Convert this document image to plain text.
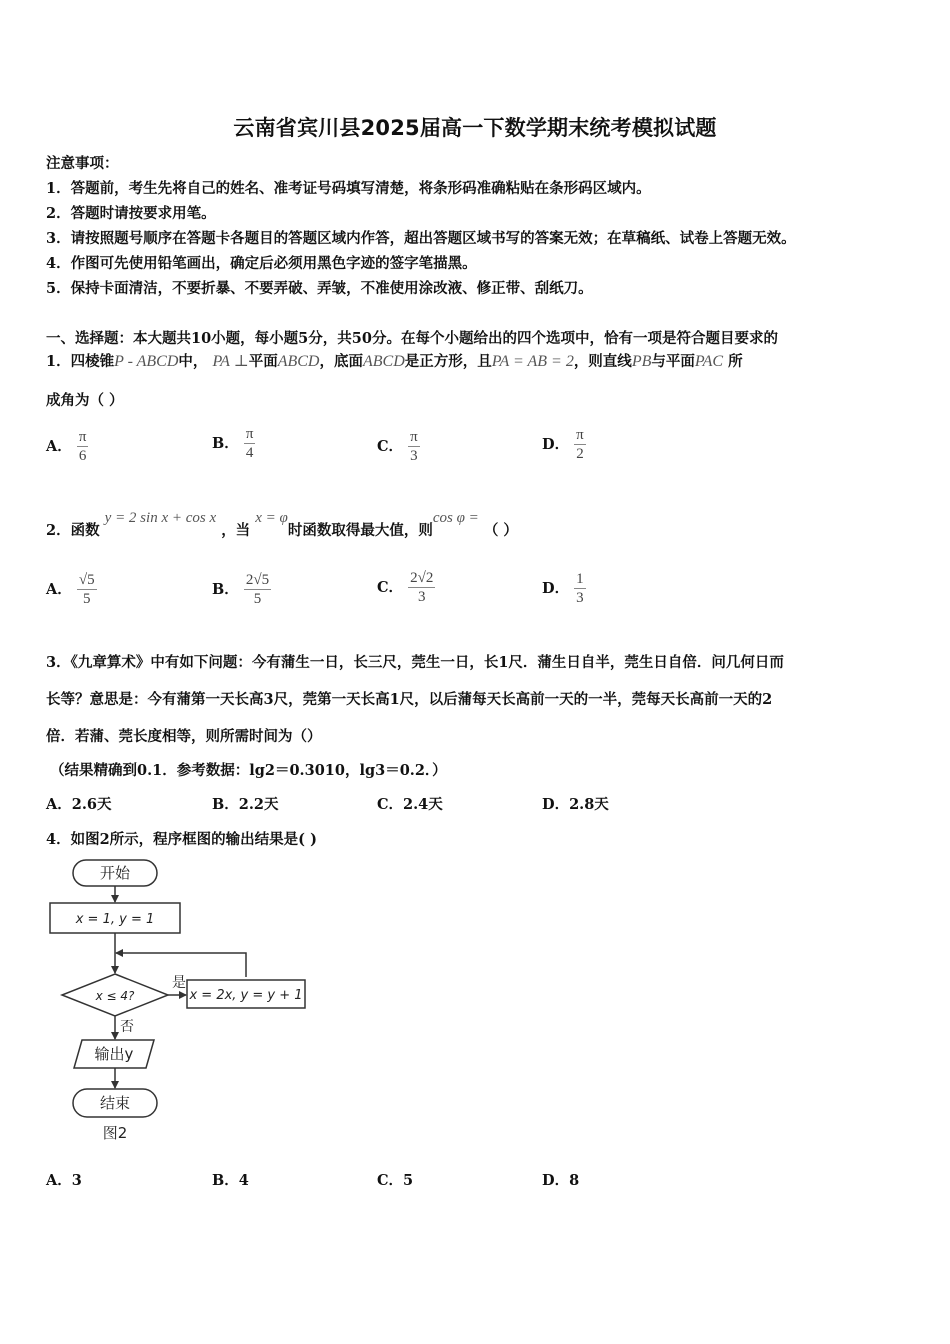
云南省宾川县2025届高一下数学期末统考模拟试题
注意事项：
1．答题前，考生先将自己的姓名、准考证号码填写清楚，将条形码准确粘贴在条形码区域内。
2．答题时请按要求用笔。
3．请按照题号顺序在答题卡各题目的答题区域内作答，超出答题区域书写的答案无效；在草稿纸、试卷上答题无效。
4．作图可先使用铅笔画出，确定后必须用黑色字迹的签字笔描黑。
5．保持卡面清洁，不要折暴、不要弄破、弄皱，不准使用涂改液、修正带、刮纸刀。
一、选择题：本大题共10小题，每小题5分，共50分。在每个小题给出的四个选项中，恰有一项是符合题目要求的
1．四棱锥P - ABCD中， PA ⊥平面ABCD，底面ABCD是正方形，且PA = AB = 2，则直线PB与平面PAC 所
成角为（ ）
A． $\frac{\pi}{6}$	B． $\frac{\pi}{4}$	C． $\frac{\pi}{3}$	D． $\frac{\pi}{2}$
2．函数 y = 2 sin x + cos x ，当 x = φ时函数取得最大值，则cos φ = （ ）
A． $\frac{√5}{5}$	B． $\frac{2√5}{5}$	C． $\frac{2√2}{3}$	D． $\frac{1}{3}$
3．《九章算术》中有如下问题：今有蒲生一日，长三尺，莞生一日，长1尺．蒲生日自半，莞生日自倍．问几何日而
长等？意思是：今有蒲第一天长高3尺，莞第一天长高1尺，以后蒲每天长高前一天的一半，莞每天长高前一天的2
倍．若蒲、莞长度相等，则所需时间为（）
（结果精确到0.1．参考数据：lg2＝0.3010，lg3＝0.2．）
A．2.6天	B．2.2天	C．2.4天	D．2.8天
4．如图2所示，程序框图的输出结果是( )
开始
x = 1, y = 1
x ≤ 4?
是
x = 2x, y = y + 1
否
输出y
结束
图2
A．3	B．4	C．5	D．8
